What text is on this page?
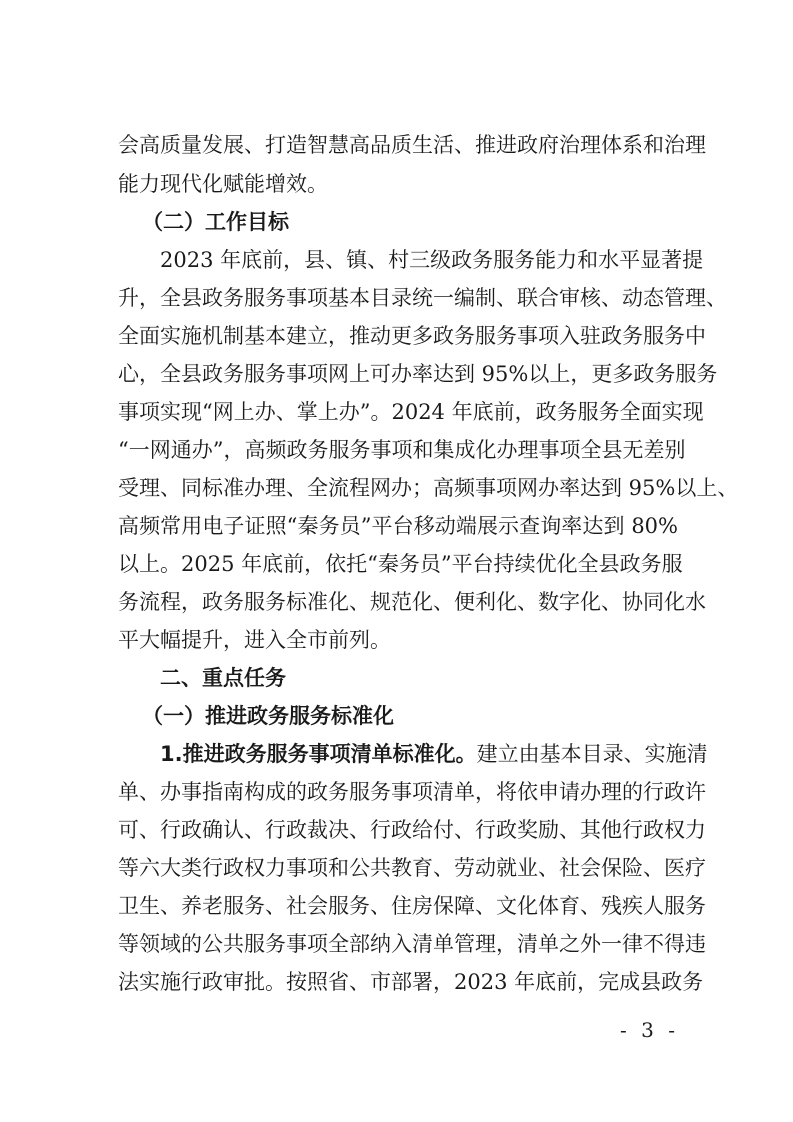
会高质量发展、打造智慧高品质生活、推进政府治理体系和治理
能力现代化赋能增效。
（二）工作目标
2023 年底前，县、镇、村三级政务服务能力和水平显著提
升，全县政务服务事项基本目录统一编制、联合审核、动态管理、
全面实施机制基本建立，推动更多政务服务事项入驻政务服务中
心，全县政务服务事项网上可办率达到 95%以上，更多政务服务
事项实现“网上办、掌上办”。2024 年底前，政务服务全面实现
“一网通办”，高频政务服务事项和集成化办理事项全县无差别
受理、同标准办理、全流程网办；高频事项网办率达到 95%以上、
高频常用电子证照“秦务员”平台移动端展示查询率达到 80%
以上。2025 年底前，依托“秦务员”平台持续优化全县政务服
务流程，政务服务标准化、规范化、便利化、数字化、协同化水
平大幅提升，进入全市前列。
二、重点任务
（一）推进政务服务标准化
1.推进政务服务事项清单标准化。建立由基本目录、实施清
单、办事指南构成的政务服务事项清单，将依申请办理的行政许
可、行政确认、行政裁决、行政给付、行政奖励、其他行政权力
等六大类行政权力事项和公共教育、劳动就业、社会保险、医疗
卫生、养老服务、社会服务、住房保障、文化体育、残疾人服务
等领域的公共服务事项全部纳入清单管理，清单之外一律不得违
法实施行政审批。按照省、市部署，2023 年底前，完成县政务
- 3 -
